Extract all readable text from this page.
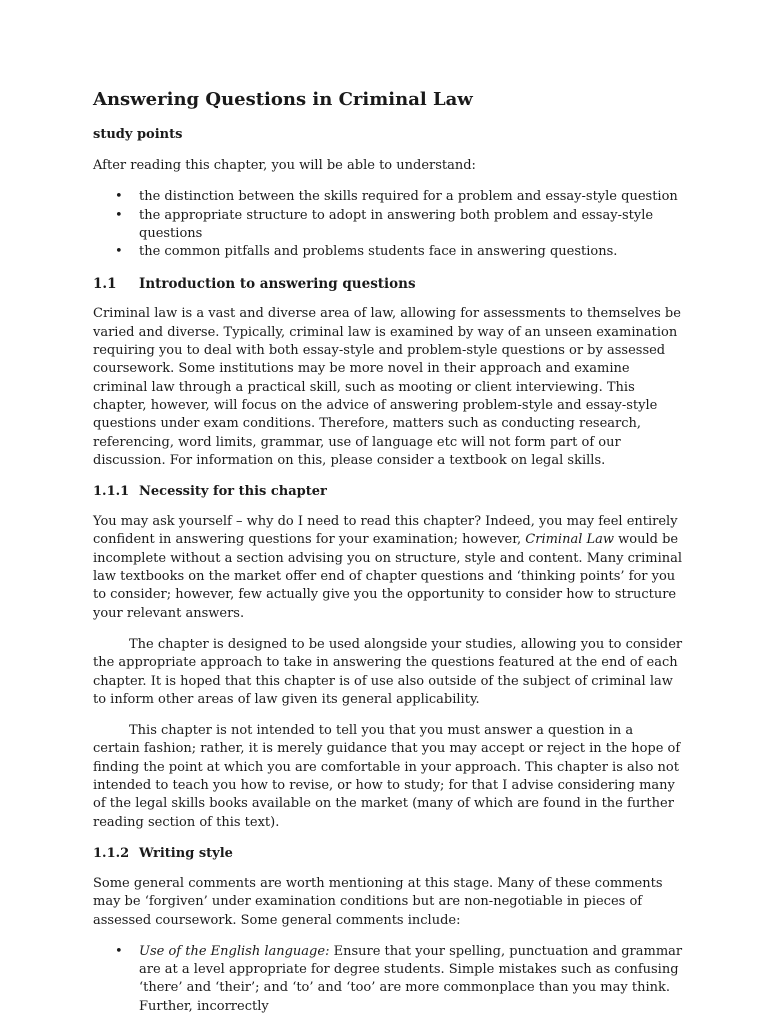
Answering Questions in Criminal Law
study points

After reading this chapter, you will be able to understand:

• the distinction between the skills required for a problem and essay-style question
• the appropriate structure to adopt in answering both problem and essay-style questions
• the common pitfalls and problems students face in answering questions.
1.1	Introduction to answering questions

Criminal law is a vast and diverse area of law, allowing for assessments to themselves be varied and diverse. Typically, criminal law is examined by way of an unseen examination requiring you to deal with both essay-style and problem-style questions or by assessed coursework. Some institutions may be more novel in their approach and examine criminal law through a practical skill, such as mooting or client interviewing. This chapter, however, will focus on the advice of answering problem-style and essay-style questions under exam conditions. Therefore, matters such as conducting research, referencing, word limits, grammar, use of language etc will not form part of our discussion. For information on this, please consider a textbook on legal skills.

1.1.1 Necessity for this chapter

You may ask yourself – why do I need to read this chapter? Indeed, you may feel entirely confident in answering questions for your examination; however, Criminal Law would be incomplete without a section advising you on structure, style and content. Many criminal law textbooks on the market offer end of chapter questions and ‘thinking points’ for you to consider; however, few actually give you the opportunity to consider how to structure your relevant answers.

The chapter is designed to be used alongside your studies, allowing you to consider the appropriate approach to take in answering the questions featured at the end of each chapter. It is hoped that this chapter is of use also outside of the subject of criminal law to inform other areas of law given its general applicability.

This chapter is not intended to tell you that you must answer a question in a certain fashion; rather, it is merely guidance that you may accept or reject in the hope of finding the point at which you are comfortable in your approach. This chapter is also not intended to teach you how to revise, or how to study; for that I advise considering many of the legal skills books available on the market (many of which are found in the further reading section of this text).

1.1.2 Writing style

Some general comments are worth mentioning at this stage. Many of these comments may be ‘forgiven’ under examination conditions but are non-negotiable in pieces of assessed coursework. Some general comments include:

• Use of the English language: Ensure that your spelling, punctuation and grammar are at a level appropriate for degree students. Simple mistakes such as confusing ‘there’ and ‘their’; and ‘to’ and ‘too’ are more commonplace than you may think. Further, incorrectly
